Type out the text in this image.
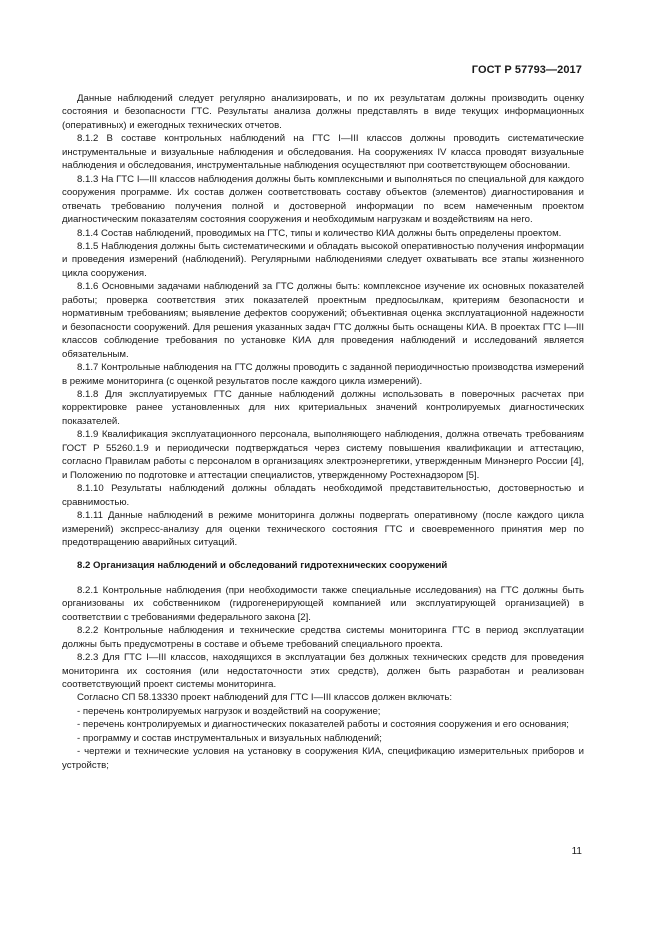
ГОСТ Р 57793—2017

Данные наблюдений следует регулярно анализировать, и по их результатам должны производить оценку состояния и безопасности ГТС. Результаты анализа должны представлять в виде текущих информационных (оперативных) и ежегодных технических отчетов.

8.1.2 В составе контрольных наблюдений на ГТС I—III классов должны проводить систематические инструментальные и визуальные наблюдения и обследования. На сооружениях IV класса проводят визуальные наблюдения и обследования, инструментальные наблюдения осуществляют при соответствующем обосновании.

8.1.3 На ГТС I—III классов наблюдения должны быть комплексными и выполняться по специальной для каждого сооружения программе. Их состав должен соответствовать составу объектов (элементов) диагностирования и отвечать требованию получения полной и достоверной информации по всем намеченным проектом диагностическим показателям состояния сооружения и необходимым нагрузкам и воздействиям на него.

8.1.4 Состав наблюдений, проводимых на ГТС, типы и количество КИА должны быть определены проектом.

8.1.5 Наблюдения должны быть систематическими и обладать высокой оперативностью получения информации и проведения измерений (наблюдений). Регулярными наблюдениями следует охватывать все этапы жизненного цикла сооружения.

8.1.6 Основными задачами наблюдений за ГТС должны быть: комплексное изучение их основных показателей работы; проверка соответствия этих показателей проектным предпосылкам, критериям безопасности и нормативным требованиям; выявление дефектов сооружений; объективная оценка эксплуатационной надежности и безопасности сооружений. Для решения указанных задач ГТС должны быть оснащены КИА. В проектах ГТС I—III классов соблюдение требования по установке КИА для проведения наблюдений и исследований является обязательным.

8.1.7 Контрольные наблюдения на ГТС должны проводить с заданной периодичностью производства измерений в режиме мониторинга (с оценкой результатов после каждого цикла измерений).

8.1.8 Для эксплуатируемых ГТС данные наблюдений должны использовать в поверочных расчетах при корректировке ранее установленных для них критериальных значений контролируемых диагностических показателей.

8.1.9 Квалификация эксплуатационного персонала, выполняющего наблюдения, должна отвечать требованиям ГОСТ Р 55260.1.9 и периодически подтверждаться через систему повышения квалификации и аттестацию, согласно Правилам работы с персоналом в организациях электроэнергетики, утвержденным Минэнерго России [4], и Положению по подготовке и аттестации специалистов, утвержденному Ростехнадзором [5].

8.1.10 Результаты наблюдений должны обладать необходимой представительностью, достоверностью и сравнимостью.

8.1.11 Данные наблюдений в режиме мониторинга должны подвергать оперативному (после каждого цикла измерений) экспресс-анализу для оценки технического состояния ГТС и своевременного принятия мер по предотвращению аварийных ситуаций.

8.2 Организация наблюдений и обследований гидротехнических сооружений

8.2.1 Контрольные наблюдения (при необходимости также специальные исследования) на ГТС должны быть организованы их собственником (гидрогенерирующей компанией или эксплуатирующей организацией) в соответствии с требованиями федерального закона [2].

8.2.2 Контрольные наблюдения и технические средства системы мониторинга ГТС в период эксплуатации должны быть предусмотрены в составе и объеме требований специального проекта.

8.2.3 Для ГТС I—III классов, находящихся в эксплуатации без должных технических средств для проведения мониторинга их состояния (или недостаточности этих средств), должен быть разработан и реализован соответствующий проект системы мониторинга.

Согласно СП 58.13330 проект наблюдений для ГТС I—III классов должен включать:

- перечень контролируемых нагрузок и воздействий на сооружение;

- перечень контролируемых и диагностических показателей работы и состояния сооружения и его основания;

- программу и состав инструментальных и визуальных наблюдений;

- чертежи и технические условия на установку в сооружения КИА, спецификацию измерительных приборов и устройств;

11
